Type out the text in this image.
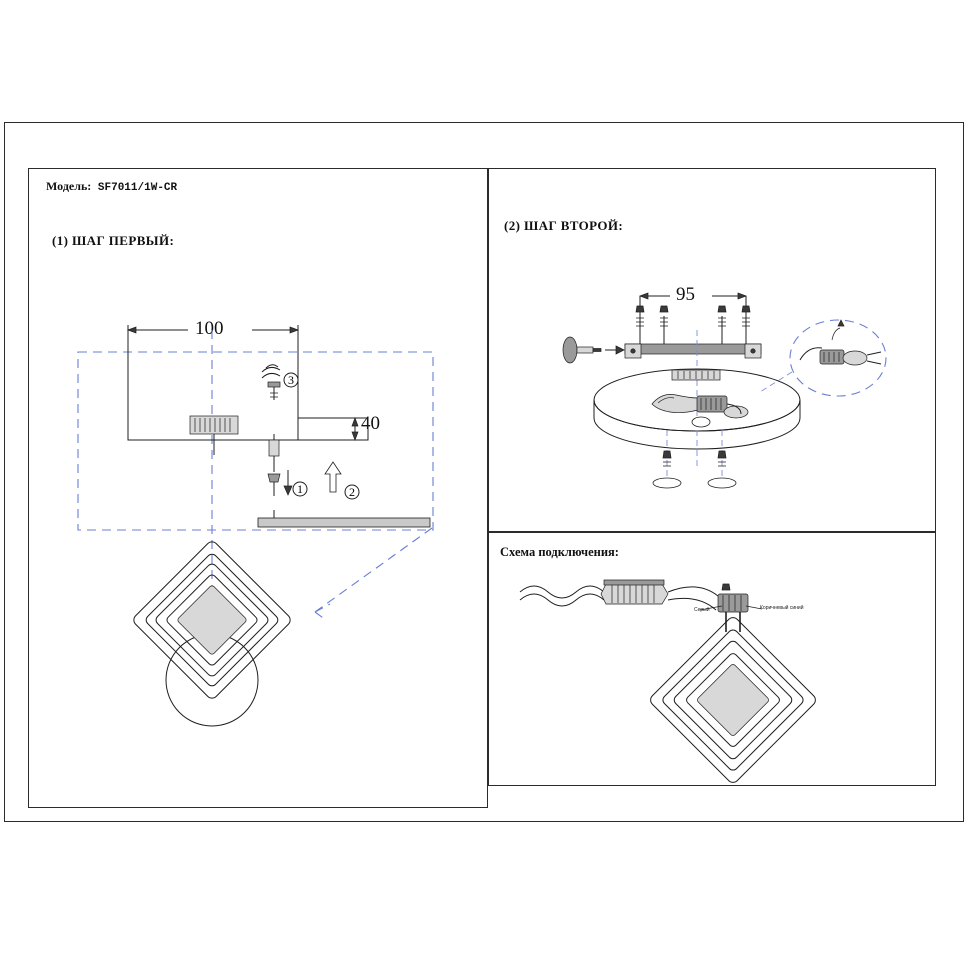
Модель: SF7011/1W-CR
(1) ШАГ ПЕРВЫЙ:
(2) ШАГ ВТОРОЙ:
Схема подключения:
100
40
95
Серый	Коричневый синий
3
1	2
